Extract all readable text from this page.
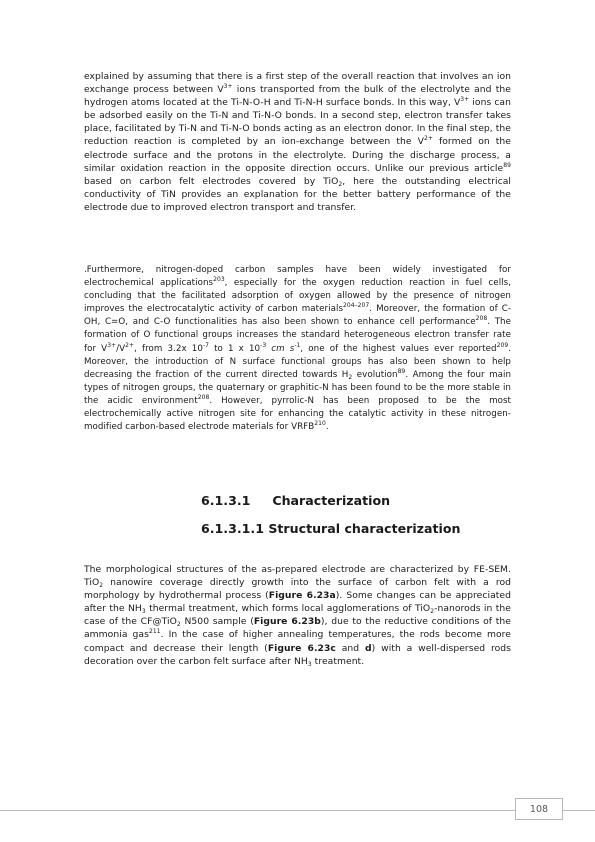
explained by assuming that there is a first step of the overall reaction that involves an ion exchange process between $V^{3+}$ ions transported from the bulk of the electrolyte and the hydrogen atoms located at the Ti-N-O-H and Ti-N-H surface bonds. In this way, $V^{3+}$ ions can be adsorbed easily on the Ti-N and Ti-N-O bonds. In a second step, electron transfer takes place, facilitated by Ti-N and Ti-N-O bonds acting as an electron donor. In the final step, the reduction reaction is completed by an ion-exchange between the $V^{2+}$ formed on the electrode surface and the protons in the electrolyte. During the discharge process, a similar oxidation reaction in the opposite direction occurs. Unlike our previous article$^{89}$ based on carbon felt electrodes covered by TiO$_2$, here the outstanding electrical conductivity of TiN provides an explanation for the better battery performance of the electrode due to improved electron transport and transfer.

.Furthermore, nitrogen-doped carbon samples have been widely investigated for electrochemical applications$^{203}$, especially for the oxygen reduction reaction in fuel cells, concluding that the facilitated adsorption of oxygen allowed by the presence of nitrogen improves the electrocatalytic activity of carbon materials$^{204-207}$. Moreover, the formation of C-OH, C=O, and C-O functionalities has also been shown to enhance cell performance$^{208}$. The formation of O functional groups increases the standard heterogeneous electron transfer rate for $V^{3+}/V^{2+}$, from 3.2x $10^{-7}$ to 1 x $10^{-3}$ cm $s^{-1}$, one of the highest values ever reported$^{209}$. Moreover, the introduction of N surface functional groups has also been shown to help decreasing the fraction of the current directed towards $H_2$ evolution$^{89}$. Among the four main types of nitrogen groups, the quaternary or graphitic-N has been found to be the more stable in the acidic environment$^{208}$. However, pyrrolic-N has been proposed to be the most electrochemically active nitrogen site for enhancing the catalytic activity in these nitrogen-modified carbon-based electrode materials for VRFB$^{210}$.

6.1.3.1     Characterization
6.1.3.1.1 Structural characterization

The morphological structures of the as-prepared electrode are characterized by FE-SEM. TiO$_2$ nanowire coverage directly growth into the surface of carbon felt with a rod morphology by hydrothermal process (Figure 6.23a). Some changes can be appreciated after the $NH_3$ thermal treatment, which forms local agglomerations of TiO$_2$-nanorods in the case of the CF@TiO$_2$ N500 sample (Figure 6.23b), due to the reductive conditions of the ammonia gas$^{211}$. In the case of higher annealing temperatures, the rods become more compact and decrease their length (Figure 6.23c and d) with a well-dispersed rods decoration over the carbon felt surface after $NH_3$ treatment.

108
